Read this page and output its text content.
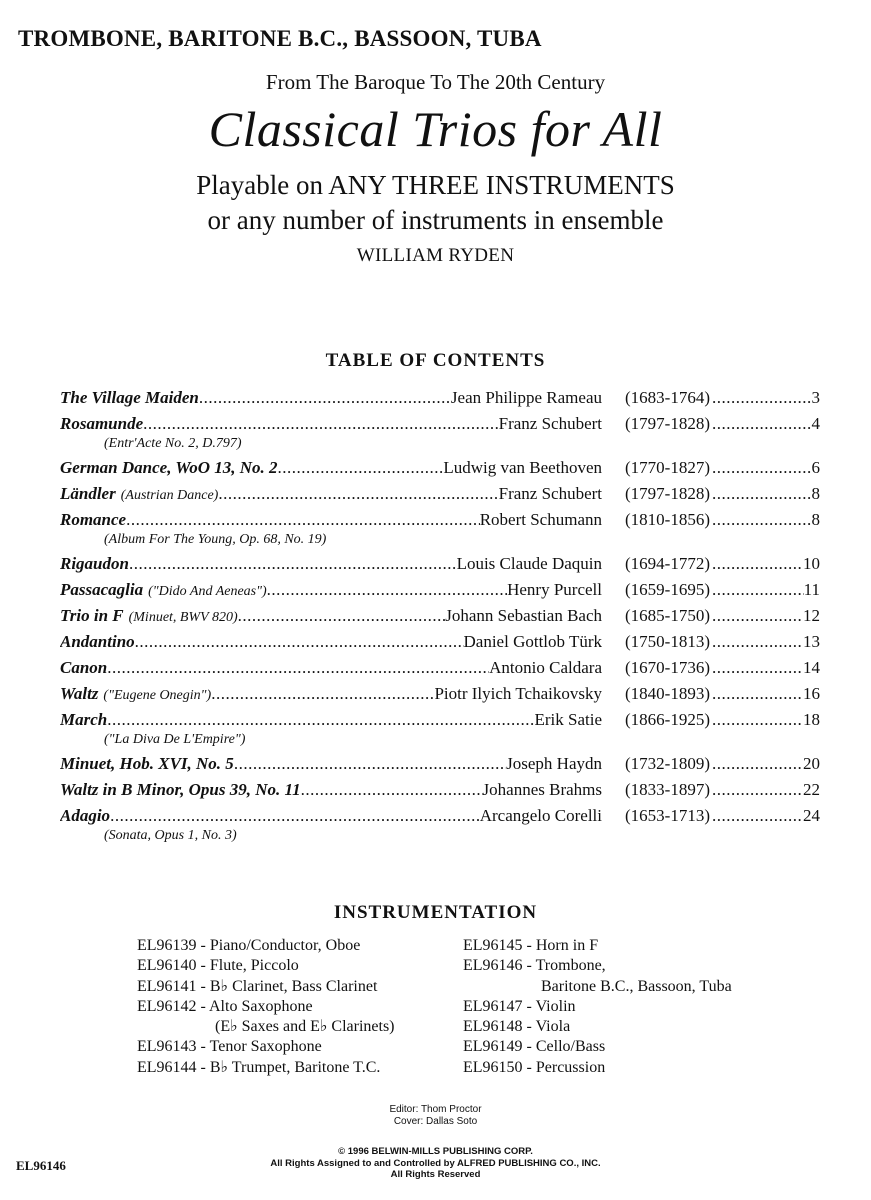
TROMBONE, BARITONE B.C., BASSOON, TUBA
From The Baroque To The 20th Century
Classical Trios for All
Playable on ANY THREE INSTRUMENTS
or any number of instruments in ensemble
WILLIAM RYDEN
TABLE OF CONTENTS
The Village Maiden .....	Jean Philippe Rameau (1683-1764) .....	3
Rosamunde .....	Franz Schubert (1797-1828) .....	4
(Entr'Acte No. 2, D.797)
German Dance, WoO 13, No. 2 .....	Ludwig van Beethoven (1770-1827) .....	6
Ländler (Austrian Dance) .....	Franz Schubert (1797-1828) .....	8
Romance .....	Robert Schumann (1810-1856) .....	8
(Album For The Young, Op. 68, No. 19)
Rigaudon .....	Louis Claude Daquin (1694-1772) .....	10
Passacaglia ("Dido And Aeneas") .....	Henry Purcell (1659-1695) .....	11
Trio in F (Minuet, BWV 820) .....	Johann Sebastian Bach (1685-1750) .....	12
Andantino .....	Daniel Gottlob Türk (1750-1813) .....	13
Canon .....	Antonio Caldara (1670-1736) .....	14
Waltz ("Eugene Onegin") .....	Piotr Ilyich Tchaikovsky (1840-1893) .....	16
March .....	Erik Satie (1866-1925) .....	18
("La Diva De L'Empire")
Minuet, Hob. XVI, No. 5 .....	Joseph Haydn (1732-1809) .....	20
Waltz in B Minor, Opus 39, No. 11 .....	Johannes Brahms (1833-1897) .....	22
Adagio .....	Arcangelo Corelli (1653-1713) .....	24
(Sonata, Opus 1, No. 3)
INSTRUMENTATION
EL96139 - Piano/Conductor, Oboe
EL96140 - Flute, Piccolo
EL96141 - B♭ Clarinet, Bass Clarinet
EL96142 - Alto Saxophone
(E♭ Saxes and E♭ Clarinets)
EL96143 - Tenor Saxophone
EL96144 - B♭ Trumpet, Baritone T.C.
EL96145 - Horn in F
EL96146 - Trombone,
Baritone B.C., Bassoon, Tuba
EL96147 - Violin
EL96148 - Viola
EL96149 - Cello/Bass
EL96150 - Percussion
Editor: Thom Proctor
Cover: Dallas Soto
© 1996 BELWIN-MILLS PUBLISHING CORP.
All Rights Assigned to and Controlled by ALFRED PUBLISHING CO., INC.
All Rights Reserved
EL96146
